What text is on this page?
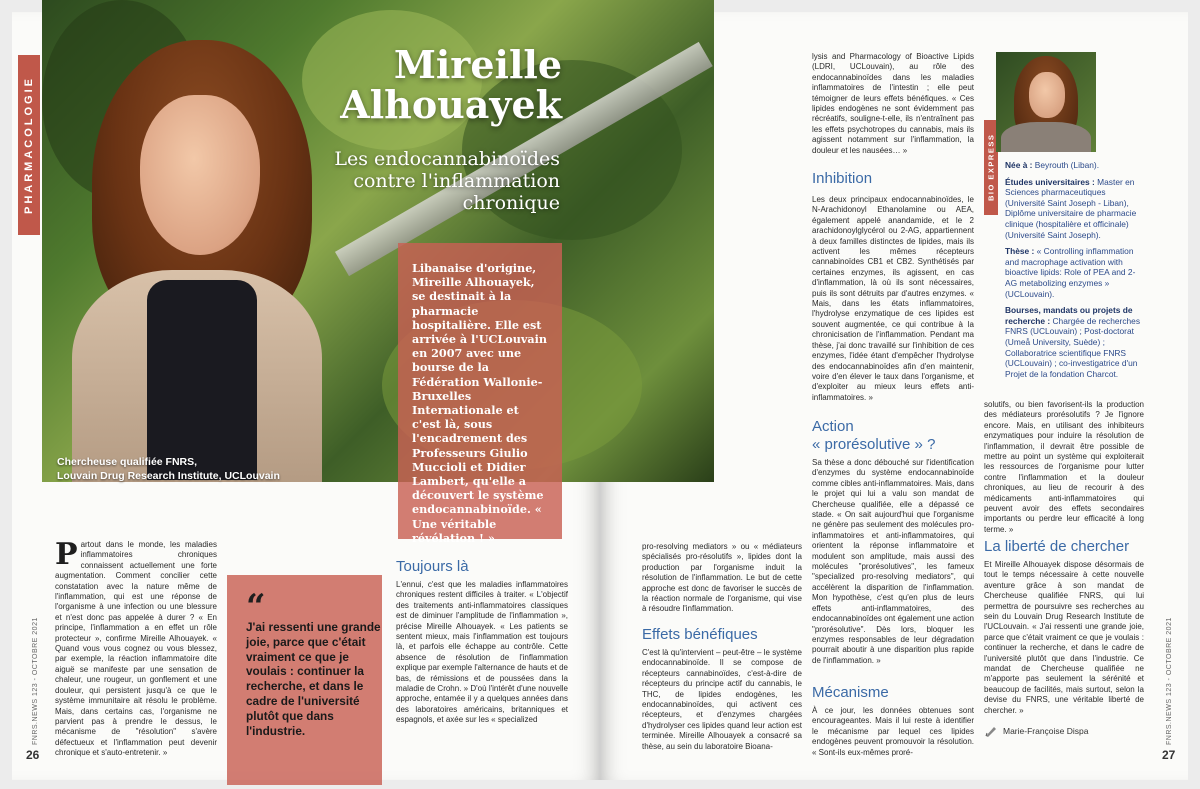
Chercheuse qualifiée FNRS,
Louvain Drug Research Institute, UCLouvain
PHARMACOLOGIE
Mireille
Alhouayek
Les endocannabinoïdes contre l'inflammation chronique
Libanaise d'origine, Mireille Alhouayek, se destinait à la pharmacie hospitalière. Elle est arrivée à l'UCLouvain en 2007 avec une bourse de la Fédération Wallonie-Bruxelles Internationale et c'est là, sous l'encadrement des Professeurs Giulio Muccioli et Didier Lambert, qu'elle a découvert le système endocannabinoïde. « Une véritable révélation ! »
P artout dans le monde, les maladies inflammatoires chroniques connaissent actuellement une forte augmentation. Comment concilier cette constatation avec la nature même de l'inflammation, qui est une réponse de l'organisme à une infection ou une blessure et n'est donc pas appelée à durer ? « En principe, l'inflammation a en effet un rôle protecteur », confirme Mireille Alhouayek. « Quand vous vous cognez ou vous blessez, par exemple, la réaction inflammatoire dite aiguë se manifeste par une sensation de chaleur, une rougeur, un gonflement et une douleur, qui persistent jusqu'à ce que le système immunitaire ait résolu le problème. Mais, dans certains cas, l'organisme ne parvient pas à prendre le dessus, le mécanisme de "résolution" s'avère défectueux et l'inflammation peut devenir chronique et s'auto-entretenir. »
“
J'ai ressenti une grande joie, parce que c'était vraiment ce que je voulais : continuer la recherche, et dans le cadre de l'université plutôt que dans l'industrie.
Toujours là
L'ennui, c'est que les maladies inflammatoires chroniques restent difficiles à traiter. « L'objectif des traitements anti-inflammatoires classiques est de diminuer l'amplitude de l'inflammation », précise Mireille Alhouayek. « Les patients se sentent mieux, mais l'inflammation est toujours là, et parfois elle échappe au contrôle. Cette absence de résolution de l'inflammation explique par exemple l'alternance de hauts et de bas, de rémissions et de poussées dans la maladie de Crohn. » D'où l'intérêt d'une nouvelle approche, entamée il y a quelques années dans des laboratoires américains, britanniques et espagnols, et axée sur les « specialized
26
FNRS.NEWS 123 - OCTOBRE 2021
pro-resolving mediators » ou « médiateurs spécialisés pro-résolutifs », lipides dont la production par l'organisme induit la résolution de l'inflammation. Le but de cette approche est donc de favoriser le succès de la réaction normale de l'organisme, qui vise à résoudre l'inflammation.
Effets bénéfiques
C'est là qu'intervient – peut-être – le système endocannabinoïde. Il se compose de récepteurs cannabinoïdes, c'est-à-dire de récepteurs du principe actif du cannabis, le THC, de lipides endogènes, les endocannabinoïdes, qui activent ces récepteurs, et d'enzymes chargées d'hydrolyser ces lipides quand leur action est terminée. Mireille Alhouayek a consacré sa thèse, au sein du laboratoire Bioana-
lysis and Pharmacology of Bioactive Lipids (LDRI, UCLouvain), au rôle des endocannabinoïdes dans les maladies inflammatoires de l'intestin ; elle peut témoigner de leurs effets bénéfiques. « Ces lipides endogènes ne sont évidemment pas récréatifs, souligne-t-elle, ils n'entraînent pas les effets psychotropes du cannabis, mais ils agissent notamment sur l'inflammation, la douleur et les nausées… »
Inhibition
Les deux principaux endocannabinoïdes, le N-Arachidonoyl Ethanolamine ou AEA, également appelé anandamide, et le 2 arachidonoylglycérol ou 2-AG, appartiennent à deux familles distinctes de lipides, mais ils activent les mêmes récepteurs cannabinoïdes CB1 et CB2. Synthétisés par certaines enzymes, ils agissent, en cas d'inflammation, là où ils sont nécessaires, puis ils sont détruits par d'autres enzymes. « Mais, dans les états inflammatoires, l'hydrolyse enzymatique de ces lipides est souvent augmentée, ce qui contribue à la chronicisation de l'inflammation. Pendant ma thèse, j'ai donc travaillé sur l'inhibition de ces enzymes, l'idée étant d'empêcher l'hydrolyse des endocannabinoïdes afin d'en maintenir, voire d'en élever le taux dans l'organisme, et d'exploiter au mieux leurs effets anti-inflammatoires. »
Action
« prorésolutive » ?
Sa thèse a donc débouché sur l'identification d'enzymes du système endocannabinoïde comme cibles anti-inflammatoires. Mais, dans le projet qui lui a valu son mandat de Chercheuse qualifiée, elle a dépassé ce stade. « On sait aujourd'hui que l'organisme ne génère pas seulement des molécules pro-inflammatoires et anti-inflammatoires, qui orientent la réponse inflammatoire et modulent son amplitude, mais aussi des molécules "prorésolutives", les fameux "specialized pro-resolving mediators", qui accélèrent la disparition de l'inflammation. Mon hypothèse, c'est qu'en plus de leurs effets anti-inflammatoires, des endocannabinoïdes ont également une action "prorésolutive". Dès lors, bloquer les enzymes responsables de leur dégradation pourrait aboutir à une disparition plus rapide de l'inflammation. »
Mécanisme
À ce jour, les données obtenues sont encourageantes. Mais il lui reste à identifier le mécanisme par lequel ces lipides endogènes peuvent promouvoir la résolution. « Sont-ils eux-mêmes proré-
BIO EXPRESS Née à : Beyrouth (Liban).
Études universitaires : Master en Sciences pharmaceutiques (Université Saint Joseph - Liban), Diplôme universitaire de pharmacie clinique (hospitalière et officinale) (Université Saint Joseph).
Thèse : « Controlling inflammation and macrophage activation with bioactive lipids: Role of PEA and 2-AG metabolizing enzymes » (UCLouvain).
Bourses, mandats ou projets de recherche : Chargée de recherches FNRS (UCLouvain) ; Post-doctorat (Umeå University, Suède) ; Collaboratrice scientifique FNRS (UCLouvain) ; co-investigatrice d'un Projet de la fondation Charcot.
solutifs, ou bien favorisent-ils la production des médiateurs prorésolutifs ? Je l'ignore encore. Mais, en utilisant des inhibiteurs enzymatiques pour induire la résolution de l'inflammation, il devrait être possible de mettre au point un système qui exploiterait les ressources de l'organisme pour lutter contre l'inflammation et la douleur chroniques, au lieu de recourir à des médicaments anti-inflammatoires qui peuvent avoir des effets secondaires importants ou perdre leur efficacité à long terme. »
La liberté de chercher
Et Mireille Alhouayek dispose désormais de tout le temps nécessaire à cette nouvelle aventure grâce à son mandat de Chercheuse qualifiée FNRS, qui lui permettra de poursuivre ses recherches au sein du Louvain Drug Research Institute de l'UCLouvain. « J'ai ressenti une grande joie, parce que c'était vraiment ce que je voulais : continuer la recherche, et dans le cadre de l'université plutôt que dans l'industrie. Ce mandat de Chercheuse qualifiée ne m'apporte pas seulement la sérénité et beaucoup de facilités, mais surtout, selon la devise du FNRS, une véritable liberté de chercher. »
Marie-Françoise Dispa
27
FNRS.NEWS 123 - OCTOBRE 2021
